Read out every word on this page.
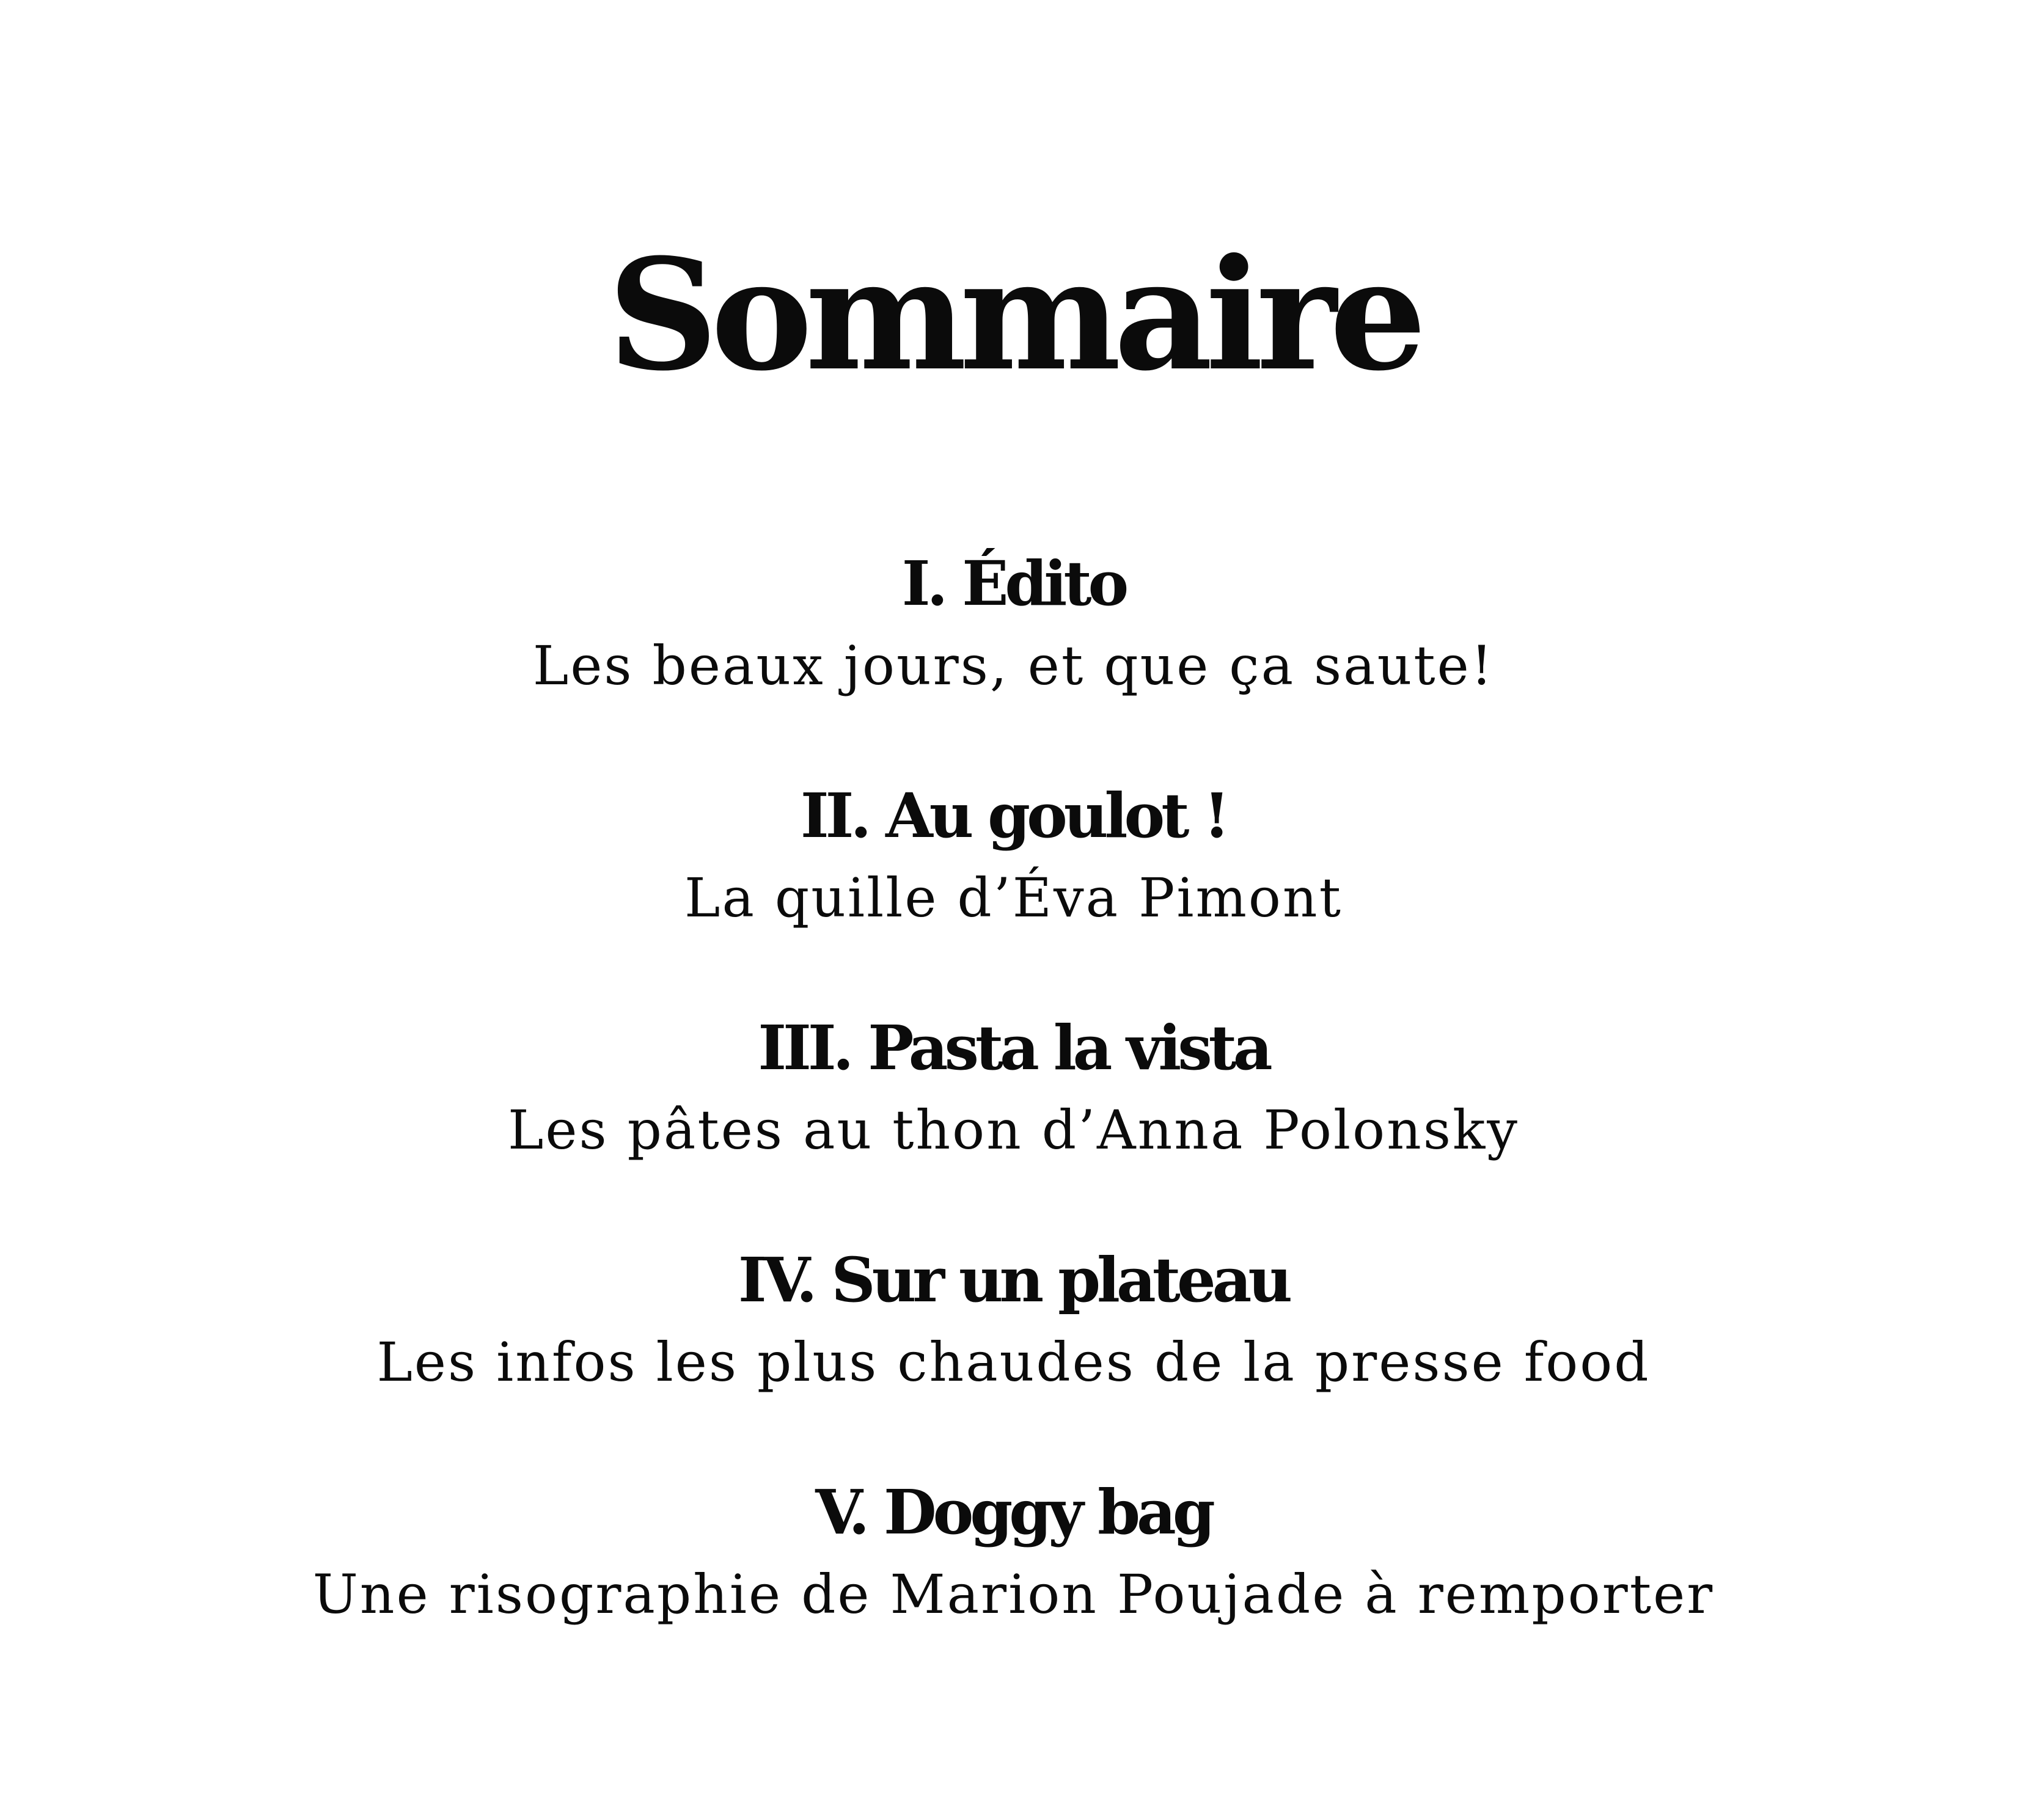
Sommaire
I. Édito
Les beaux jours, et que ça saute!
II. Au goulot !
La quille d’Éva Pimont
III. Pasta la vista
Les pâtes au thon d’Anna Polonsky
IV. Sur un plateau
Les infos les plus chaudes de la presse food
V. Doggy bag
Une risographie de Marion Poujade à remporter
